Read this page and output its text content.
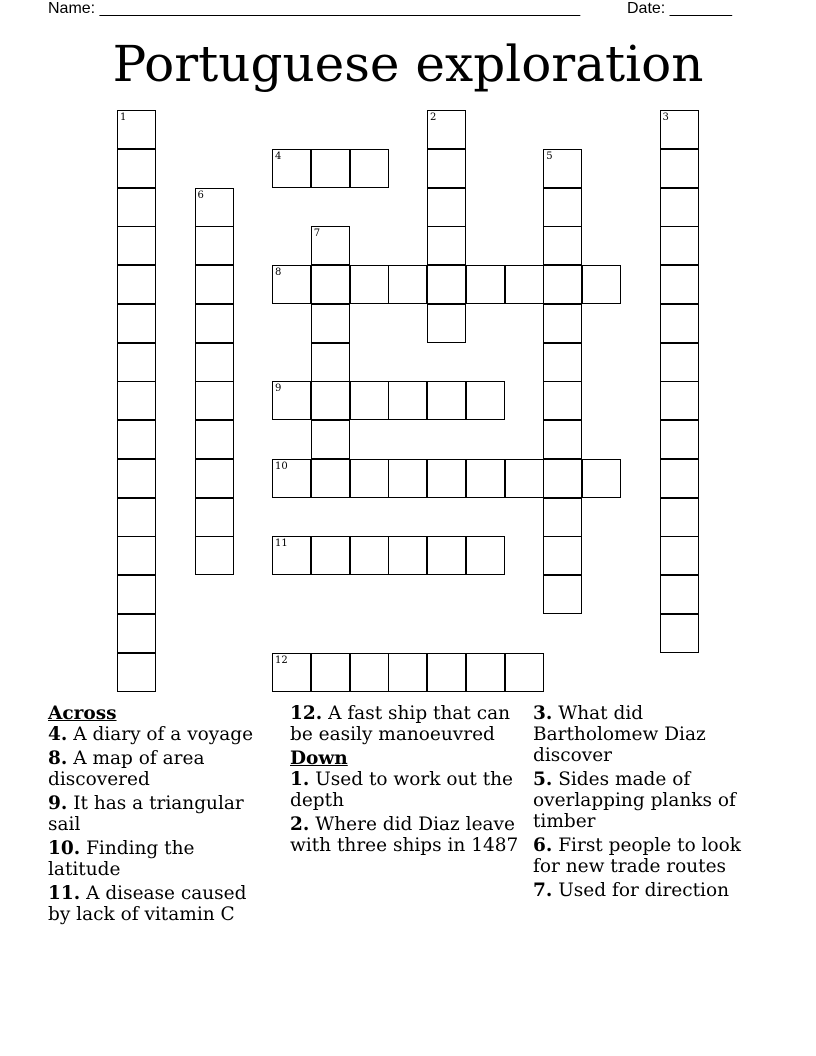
Name: ______________________________________________________	Date: _______
Portuguese exploration
1	2	3
4	5
6
7
8
9
10
11
12

Across

4. A diary of a voyage

8. A map of area discovered

9. It has a triangular sail

10. Finding the latitude

11. A disease caused by lack of vitamin C

12. A fast ship that can be easily manoeuvred

Down

1. Used to work out the depth

2. Where did Diaz leave with three ships in 1487

3. What did Bartholomew Diaz discover

5. Sides made of overlapping planks of timber

6. First people to look for new trade routes

7. Used for direction
